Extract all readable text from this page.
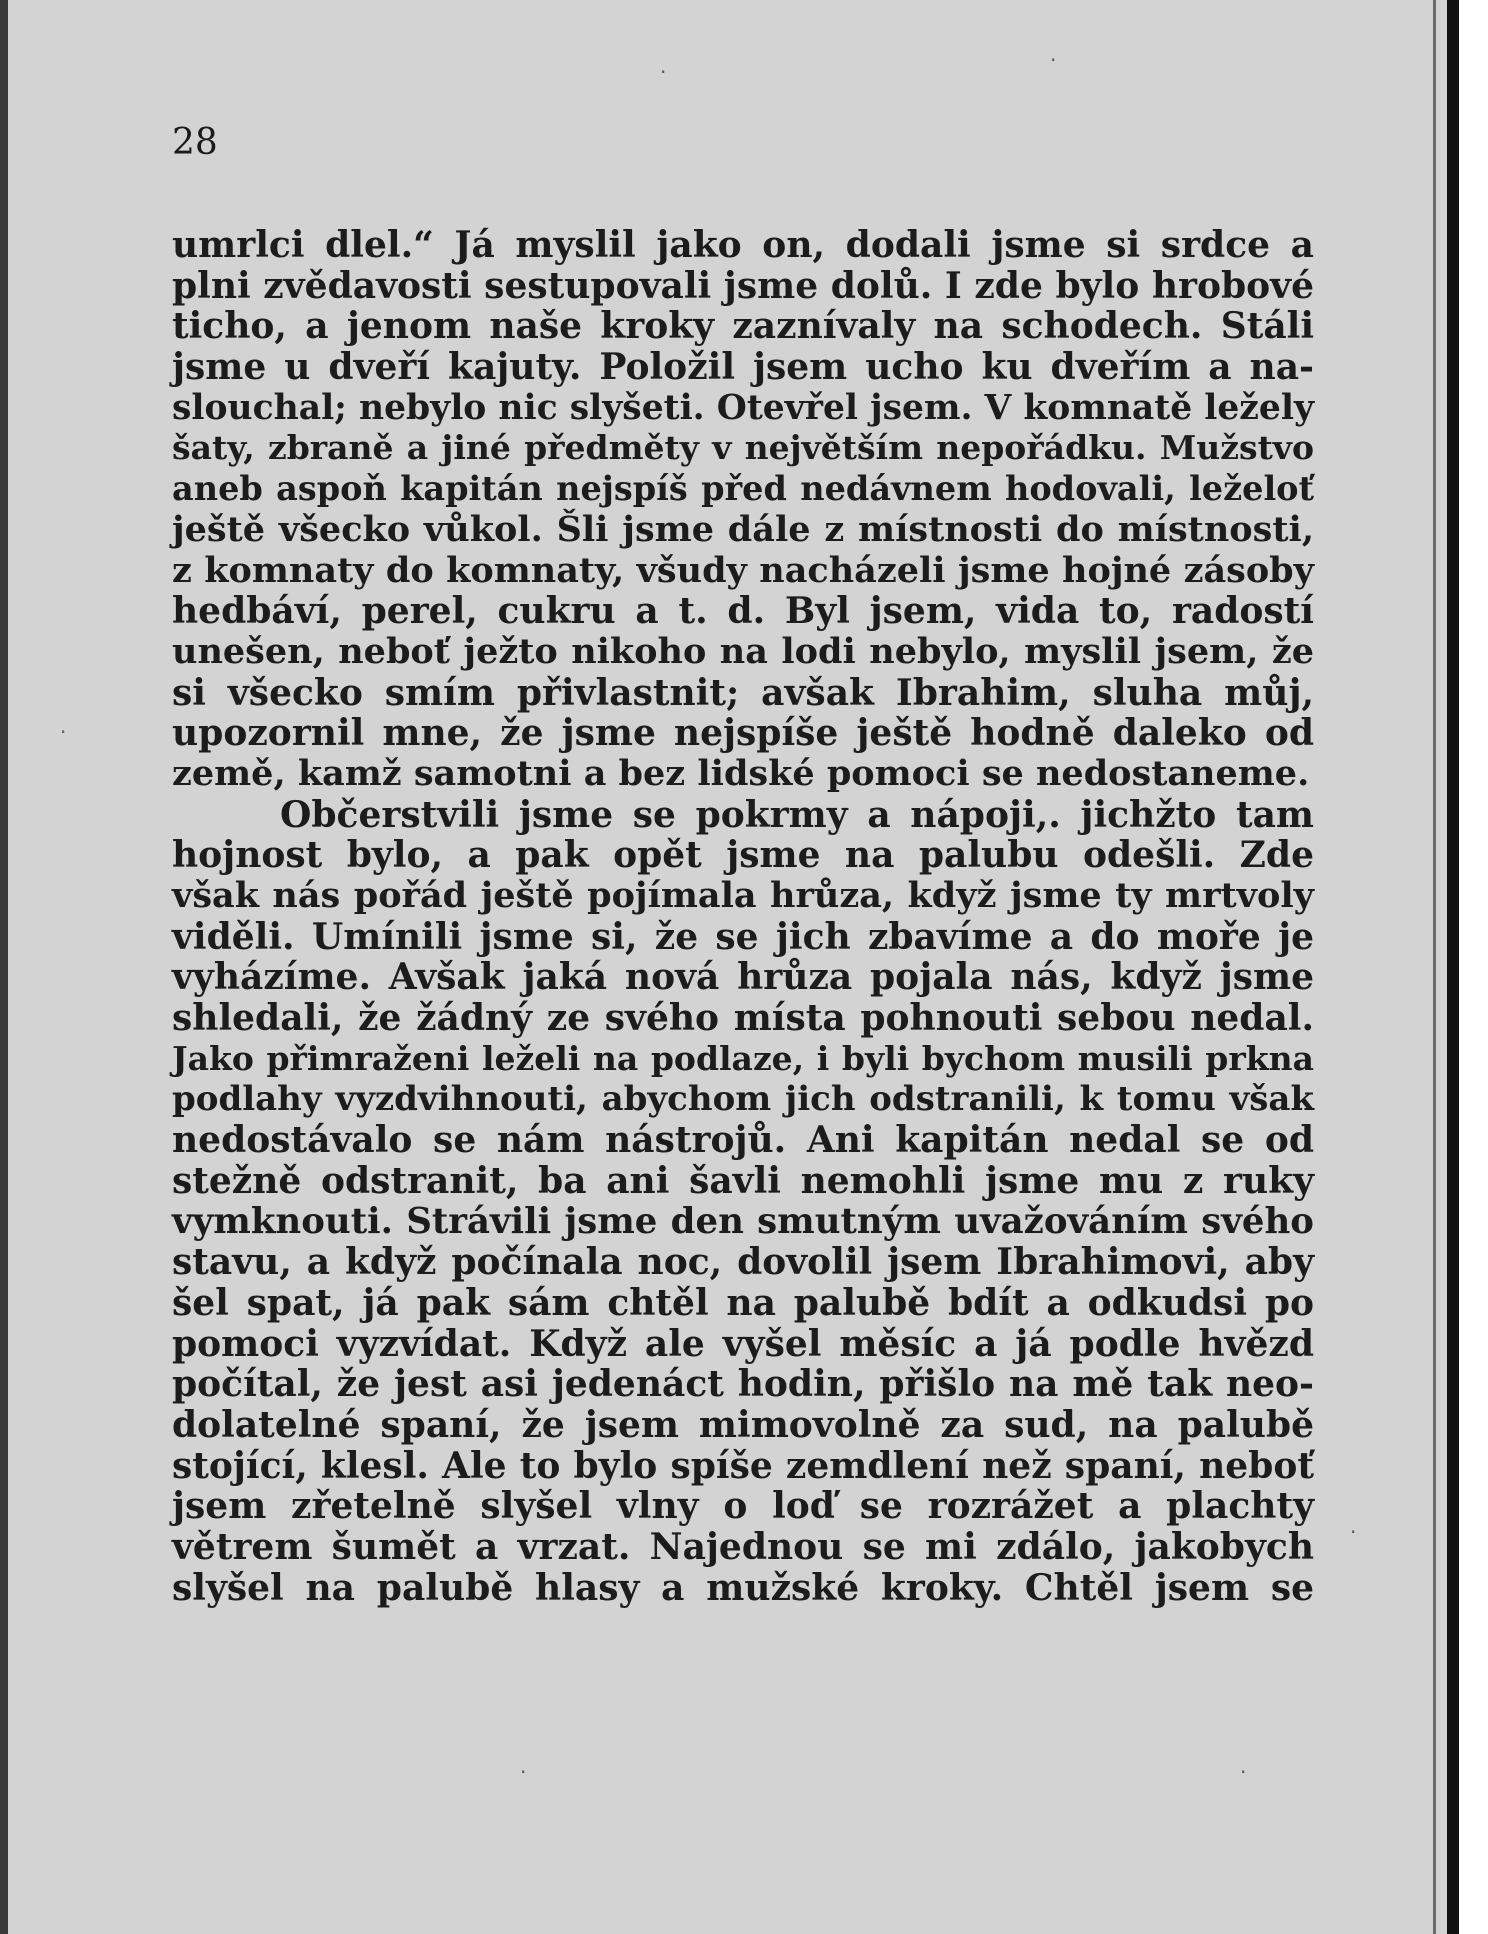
·	·
·
·
·
·

28

umrlci dlel.“ Já myslil jako on, dodali jsme si srdce a
plni zvědavosti sestupovali jsme dolů. I zde bylo hrobové
ticho, a jenom naše kroky zaznívaly na schodech. Stáli
jsme u dveří kajuty. Položil jsem ucho ku dveřím a na-
slouchal; nebylo nic slyšeti. Otevřel jsem. V komnatě ležely
šaty, zbraně a jiné předměty v největším nepořádku. Mužstvo
aneb aspoň kapitán nejspíš před nedávnem hodovali, leželoť
ještě všecko vůkol. Šli jsme dále z místnosti do místnosti,
z komnaty do komnaty, všudy nacházeli jsme hojné zásoby
hedbáví, perel, cukru a t. d. Byl jsem, vida to, radostí
unešen, neboť ježto nikoho na lodi nebylo, myslil jsem, že
si všecko smím přivlastnit; avšak Ibrahim, sluha můj,
upozornil mne, že jsme nejspíše ještě hodně daleko od
země, kamž samotni a bez lidské pomoci se nedostaneme.
Občerstvili jsme se pokrmy a nápoji,. jichžto tam
hojnost bylo, a pak opět jsme na palubu odešli. Zde
však nás pořád ještě pojímala hrůza, když jsme ty mrtvoly
viděli. Umínili jsme si, že se jich zbavíme a do moře je
vyházíme. Avšak jaká nová hrůza pojala nás, když jsme
shledali, že žádný ze svého místa pohnouti sebou nedal.
Jako přimraženi leželi na podlaze, i byli bychom musili prkna
podlahy vyzdvihnouti, abychom jich odstranili, k tomu však
nedostávalo se nám nástrojů. Ani kapitán nedal se od
stežně odstranit, ba ani šavli nemohli jsme mu z ruky
vymknouti. Strávili jsme den smutným uvažováním svého
stavu, a když počínala noc, dovolil jsem Ibrahimovi, aby
šel spat, já pak sám chtěl na palubě bdít a odkudsi po
pomoci vyzvídat. Když ale vyšel měsíc a já podle hvězd
počítal, že jest asi jedenáct hodin, přišlo na mě tak neo-
dolatelné spaní, že jsem mimovolně za sud, na palubě
stojící, klesl. Ale to bylo spíše zemdlení než spaní, neboť
jsem zřetelně slyšel vlny o loď se rozrážet a plachty
větrem šumět a vrzat. Najednou se mi zdálo, jakobych
slyšel na palubě hlasy a mužské kroky. Chtěl jsem se
